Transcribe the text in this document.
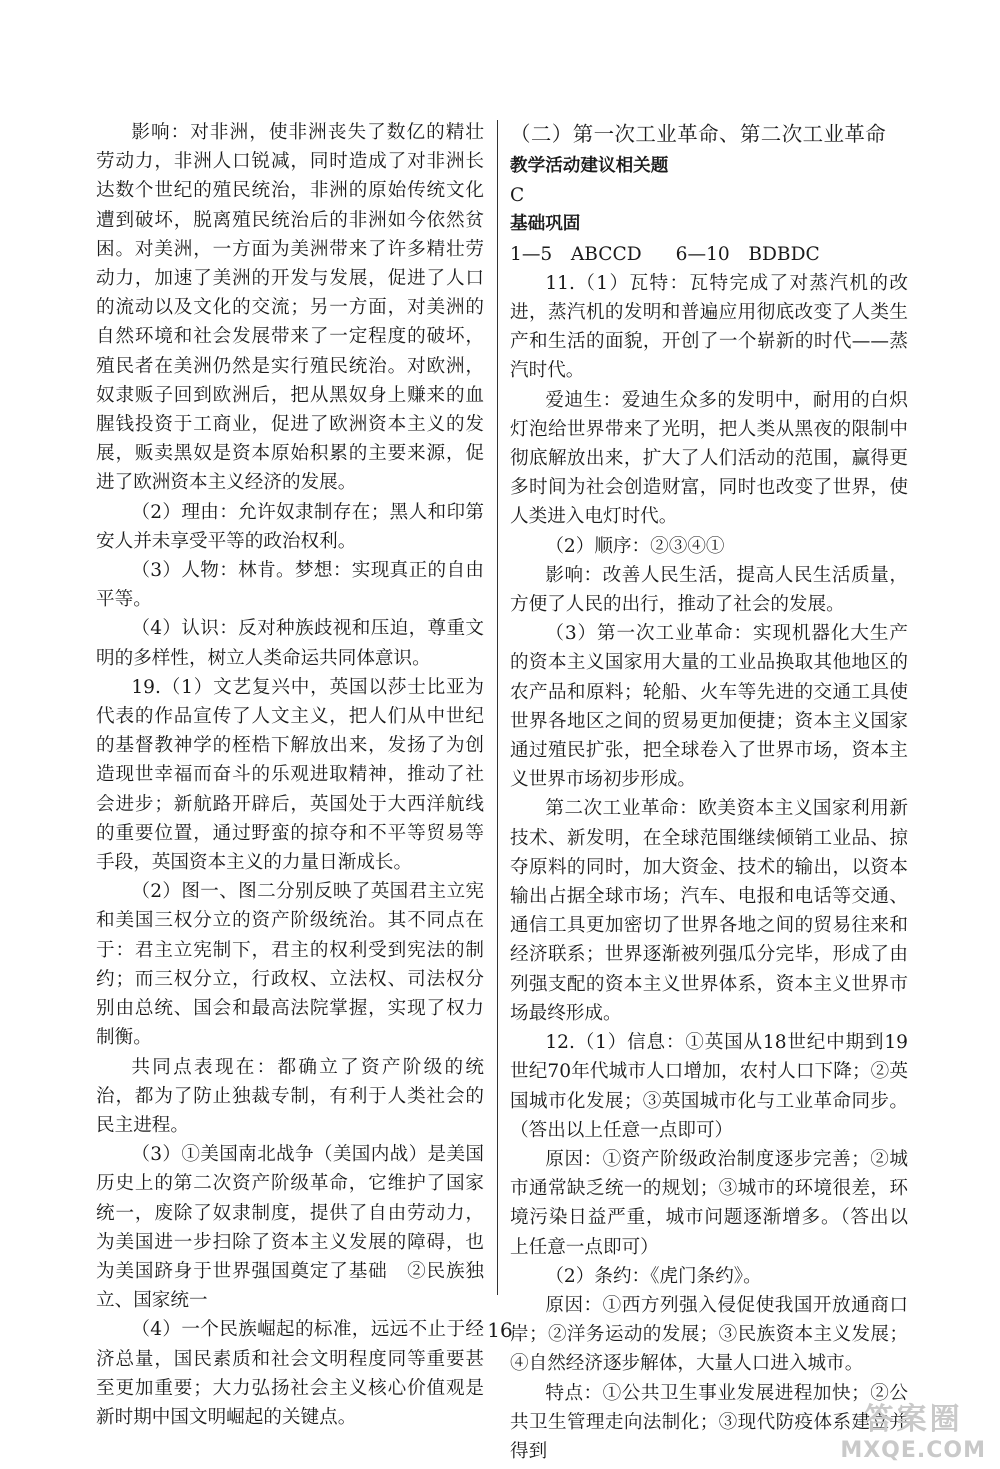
影响：对非洲，使非洲丧失了数亿的精壮劳动力，非洲人口锐减，同时造成了对非洲长达数个世纪的殖民统治，非洲的原始传统文化遭到破坏，脱离殖民统治后的非洲如今依然贫困。对美洲，一方面为美洲带来了许多精壮劳动力，加速了美洲的开发与发展，促进了人口的流动以及文化的交流；另一方面，对美洲的自然环境和社会发展带来了一定程度的破坏，殖民者在美洲仍然是实行殖民统治。对欧洲，奴隶贩子回到欧洲后，把从黑奴身上赚来的血腥钱投资于工商业，促进了欧洲资本主义的发展，贩卖黑奴是资本原始积累的主要来源，促进了欧洲资本主义经济的发展。

（2）理由：允许奴隶制存在；黑人和印第安人并未享受平等的政治权利。

（3）人物：林肯。梦想：实现真正的自由平等。

（4）认识：反对种族歧视和压迫，尊重文明的多样性，树立人类命运共同体意识。

19.（1）文艺复兴中，英国以莎士比亚为代表的作品宣传了人文主义，把人们从中世纪的基督教神学的桎梏下解放出来，发扬了为创造现世幸福而奋斗的乐观进取精神，推动了社会进步；新航路开辟后，英国处于大西洋航线的重要位置，通过野蛮的掠夺和不平等贸易等手段，英国资本主义的力量日渐成长。

（2）图一、图二分别反映了英国君主立宪和美国三权分立的资产阶级统治。其不同点在于：君主立宪制下，君主的权利受到宪法的制约；而三权分立，行政权、立法权、司法权分别由总统、国会和最高法院掌握，实现了权力制衡。

共同点表现在：都确立了资产阶级的统治，都为了防止独裁专制，有利于人类社会的民主进程。

（3）①美国南北战争（美国内战）是美国历史上的第二次资产阶级革命，它维护了国家统一，废除了奴隶制度，提供了自由劳动力，为美国进一步扫除了资本主义发展的障碍，也为美国跻身于世界强国奠定了基础　②民族独立、国家统一

（4）一个民族崛起的标准，远远不止于经济总量，国民素质和社会文明程度同等重要甚至更加重要；大力弘扬社会主义核心价值观是新时期中国文明崛起的关键点。

（二）第一次工业革命、第二次工业革命

教学活动建议相关题

C

基础巩固

1—5　ABCCD 6—10　BDBDC

11.（1）瓦特：瓦特完成了对蒸汽机的改进，蒸汽机的发明和普遍应用彻底改变了人类生产和生活的面貌，开创了一个崭新的时代——蒸汽时代。

爱迪生：爱迪生众多的发明中，耐用的白炽灯泡给世界带来了光明，把人类从黑夜的限制中彻底解放出来，扩大了人们活动的范围，赢得更多时间为社会创造财富，同时也改变了世界，使人类进入电灯时代。

（2）顺序：②③④①

影响：改善人民生活，提高人民生活质量，方便了人民的出行，推动了社会的发展。

（3）第一次工业革命：实现机器化大生产的资本主义国家用大量的工业品换取其他地区的农产品和原料；轮船、火车等先进的交通工具使世界各地区之间的贸易更加便捷；资本主义国家通过殖民扩张，把全球卷入了世界市场，资本主义世界市场初步形成。

第二次工业革命：欧美资本主义国家利用新技术、新发明，在全球范围继续倾销工业品、掠夺原料的同时，加大资金、技术的输出，以资本输出占据全球市场；汽车、电报和电话等交通、通信工具更加密切了世界各地之间的贸易往来和经济联系；世界逐渐被列强瓜分完毕，形成了由列强支配的资本主义世界体系，资本主义世界市场最终形成。

12.（1）信息：①英国从18世纪中期到19世纪70年代城市人口增加，农村人口下降；②英国城市化发展；③英国城市化与工业革命同步。（答出以上任意一点即可）

原因：①资产阶级政治制度逐步完善；②城市通常缺乏统一的规划；③城市的环境很差，环境污染日益严重，城市问题逐渐增多。（答出以上任意一点即可）

（2）条约：《虎门条约》。

原因：①西方列强入侵促使我国开放通商口岸；②洋务运动的发展；③民族资本主义发展；④自然经济逐步解体，大量人口进入城市。

特点：①公共卫生事业发展进程加快；②公共卫生管理走向法制化；③现代防疫体系建立并得到

16
答案圈
MXQE.COM
